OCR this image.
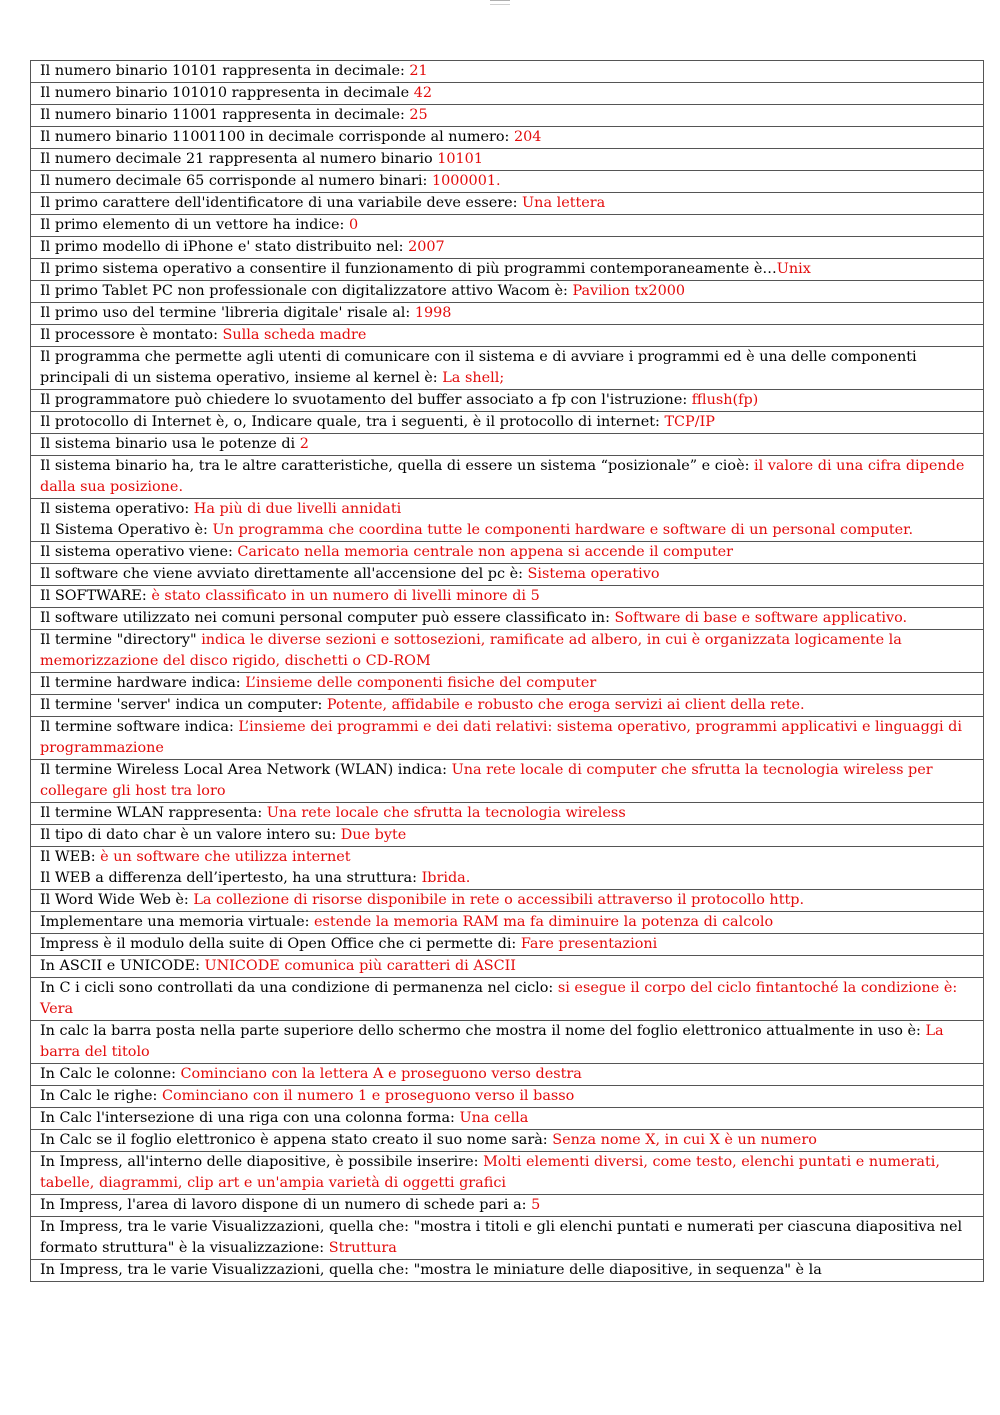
Il numero binario 10101 rappresenta in decimale: 21
Il numero binario 101010 rappresenta in decimale 42
Il numero binario 11001 rappresenta in decimale: 25
Il numero binario 11001100 in decimale corrisponde al numero: 204
Il numero decimale 21 rappresenta al numero binario 10101
Il numero decimale 65 corrisponde al numero binari: 1000001.
Il primo carattere dell'identificatore di una variabile deve essere: Una lettera
Il primo elemento di un vettore ha indice: 0
Il primo modello di iPhone e' stato distribuito nel: 2007
Il primo sistema operativo a consentire il funzionamento di più programmi contemporaneamente è…Unix
Il primo Tablet PC non professionale con digitalizzatore attivo Wacom è: Pavilion tx2000
Il primo uso del termine 'libreria digitale' risale al: 1998
Il processore è montato: Sulla scheda madre
Il programma che permette agli utenti di comunicare con il sistema e di avviare i programmi ed è una delle componenti principali di un sistema operativo, insieme al kernel è: La shell;
Il programmatore può chiedere lo svuotamento del buffer associato a fp con l'istruzione: fflush(fp)
Il protocollo di Internet è, o, Indicare quale, tra i seguenti, è il protocollo di internet: TCP/IP
Il sistema binario usa le potenze di 2
Il sistema binario ha, tra le altre caratteristiche, quella di essere un sistema “posizionale” e cioè: il valore di una cifra dipende dalla sua posizione.

Il sistema operativo: Ha più di due livelli annidati
Il Sistema Operativo è: Un programma che coordina tutte le componenti hardware e software di un personal computer.

Il sistema operativo viene: Caricato nella memoria centrale non appena si accende il computer
Il software che viene avviato direttamente all'accensione del pc è: Sistema operativo
Il SOFTWARE: è stato classificato in un numero di livelli minore di 5
Il software utilizzato nei comuni personal computer può essere classificato in: Software di base e software applicativo.
Il termine "directory" indica le diverse sezioni e sottosezioni, ramificate ad albero, in cui è organizzata logicamente la memorizzazione del disco rigido, dischetti o CD-ROM
Il termine hardware indica: L’insieme delle componenti fisiche del computer
Il termine 'server' indica un computer: Potente, affidabile e robusto che eroga servizi ai client della rete.
Il termine software indica: L’insieme dei programmi e dei dati relativi: sistema operativo, programmi applicativi e linguaggi di programmazione
Il termine Wireless Local Area Network (WLAN) indica: Una rete locale di computer che sfrutta la tecnologia wireless per collegare gli host tra loro
Il termine WLAN rappresenta: Una rete locale che sfrutta la tecnologia wireless
Il tipo di dato char è un valore intero su: Due byte

Il WEB: è un software che utilizza internet
Il WEB a differenza dell’ipertesto, ha una struttura: Ibrida.

Il Word Wide Web è: La collezione di risorse disponibile in rete o accessibili attraverso il protocollo http.
Implementare una memoria virtuale: estende la memoria RAM ma fa diminuire la potenza di calcolo
Impress è il modulo della suite di Open Office che ci permette di: Fare presentazioni
In ASCII e UNICODE: UNICODE comunica più caratteri di ASCII
In C i cicli sono controllati da una condizione di permanenza nel ciclo: si esegue il corpo del ciclo fintantoché la condizione è: Vera
In calc la barra posta nella parte superiore dello schermo che mostra il nome del foglio elettronico attualmente in uso è: La barra del titolo
In Calc le colonne: Cominciano con la lettera A e proseguono verso destra
In Calc le righe: Cominciano con il numero 1 e proseguono verso il basso
In Calc l'intersezione di una riga con una colonna forma: Una cella
In Calc se il foglio elettronico è appena stato creato il suo nome sarà: Senza nome X, in cui X è un numero
In Impress, all'interno delle diapositive, è possibile inserire: Molti elementi diversi, come testo, elenchi puntati e numerati, tabelle, diagrammi, clip art e un'ampia varietà di oggetti grafici
In Impress, l'area di lavoro dispone di un numero di schede pari a: 5
In Impress, tra le varie Visualizzazioni, quella che: "mostra i titoli e gli elenchi puntati e numerati per ciascuna diapositiva nel formato struttura" è la visualizzazione: Struttura
In Impress, tra le varie Visualizzazioni, quella che: "mostra le miniature delle diapositive, in sequenza" è la
